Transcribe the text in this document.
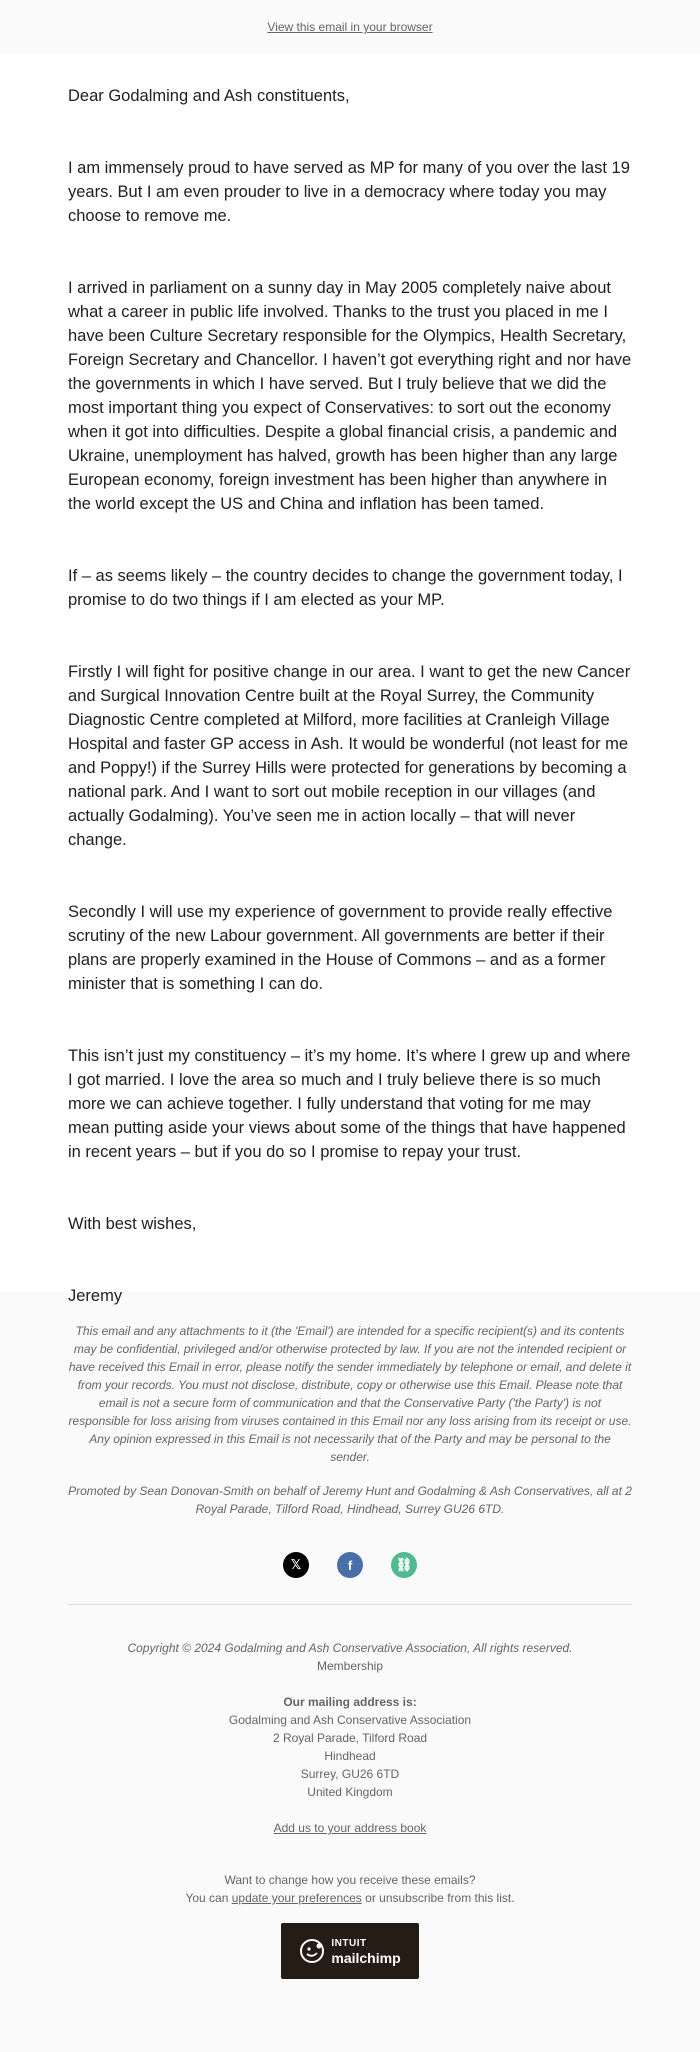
View this email in your browser

Dear Godalming and Ash constituents,

I am immensely proud to have served as MP for many of you over the last 19 years. But I am even prouder to live in a democracy where today you may choose to remove me.

I arrived in parliament on a sunny day in May 2005 completely naive about what a career in public life involved. Thanks to the trust you placed in me I have been Culture Secretary responsible for the Olympics, Health Secretary, Foreign Secretary and Chancellor. I haven’t got everything right and nor have the governments in which I have served. But I truly believe that we did the most important thing you expect of Conservatives: to sort out the economy when it got into difficulties. Despite a global financial crisis, a pandemic and Ukraine, unemployment has halved, growth has been higher than any large European economy, foreign investment has been higher than anywhere in the world except the US and China and inflation has been tamed.

If – as seems likely – the country decides to change the government today, I promise to do two things if I am elected as your MP.

Firstly I will fight for positive change in our area. I want to get the new Cancer and Surgical Innovation Centre built at the Royal Surrey, the Community Diagnostic Centre completed at Milford, more facilities at Cranleigh Village Hospital and faster GP access in Ash. It would be wonderful (not least for me and Poppy!) if the Surrey Hills were protected for generations by becoming a national park. And I want to sort out mobile reception in our villages (and actually Godalming). You’ve seen me in action locally – that will never change.

Secondly I will use my experience of government to provide really effective scrutiny of the new Labour government. All governments are better if their plans are properly examined in the House of Commons – and as a former minister that is something I can do.

This isn’t just my constituency – it’s my home. It’s where I grew up and where I got married. I love the area so much and I truly believe there is so much more we can achieve together. I fully understand that voting for me may mean putting aside your views about some of the things that have happened in recent years – but if you do so I promise to repay your trust.

With best wishes,

Jeremy

This email and any attachments to it (the 'Email') are intended for a specific recipient(s) and its contents may be confidential, privileged and/or otherwise protected by law. If you are not the intended recipient or have received this Email in error, please notify the sender immediately by telephone or email, and delete it from your records. You must not disclose, distribute, copy or otherwise use this Email. Please note that email is not a secure form of communication and that the Conservative Party ('the Party') is not responsible for loss arising from viruses contained in this Email nor any loss arising from its receipt or use. Any opinion expressed in this Email is not necessarily that of the Party and may be personal to the sender.
Promoted by Sean Donovan-Smith on behalf of Jeremy Hunt and Godalming & Ash Conservatives, all at 2 Royal Parade, Tilford Road, Hindhead, Surrey GU26 6TD.
𝕏	f	⛓
Copyright © 2024 Godalming and Ash Conservative Association, All rights reserved.
Membership
Our mailing address is:
Godalming and Ash Conservative Association
2 Royal Parade, Tilford Road
Hindhead
Surrey, GU26 6TD
United Kingdom
Add us to your address book
Want to change how you receive these emails?
You can update your preferences or unsubscribe from this list.
INTUIT
mailchimp
